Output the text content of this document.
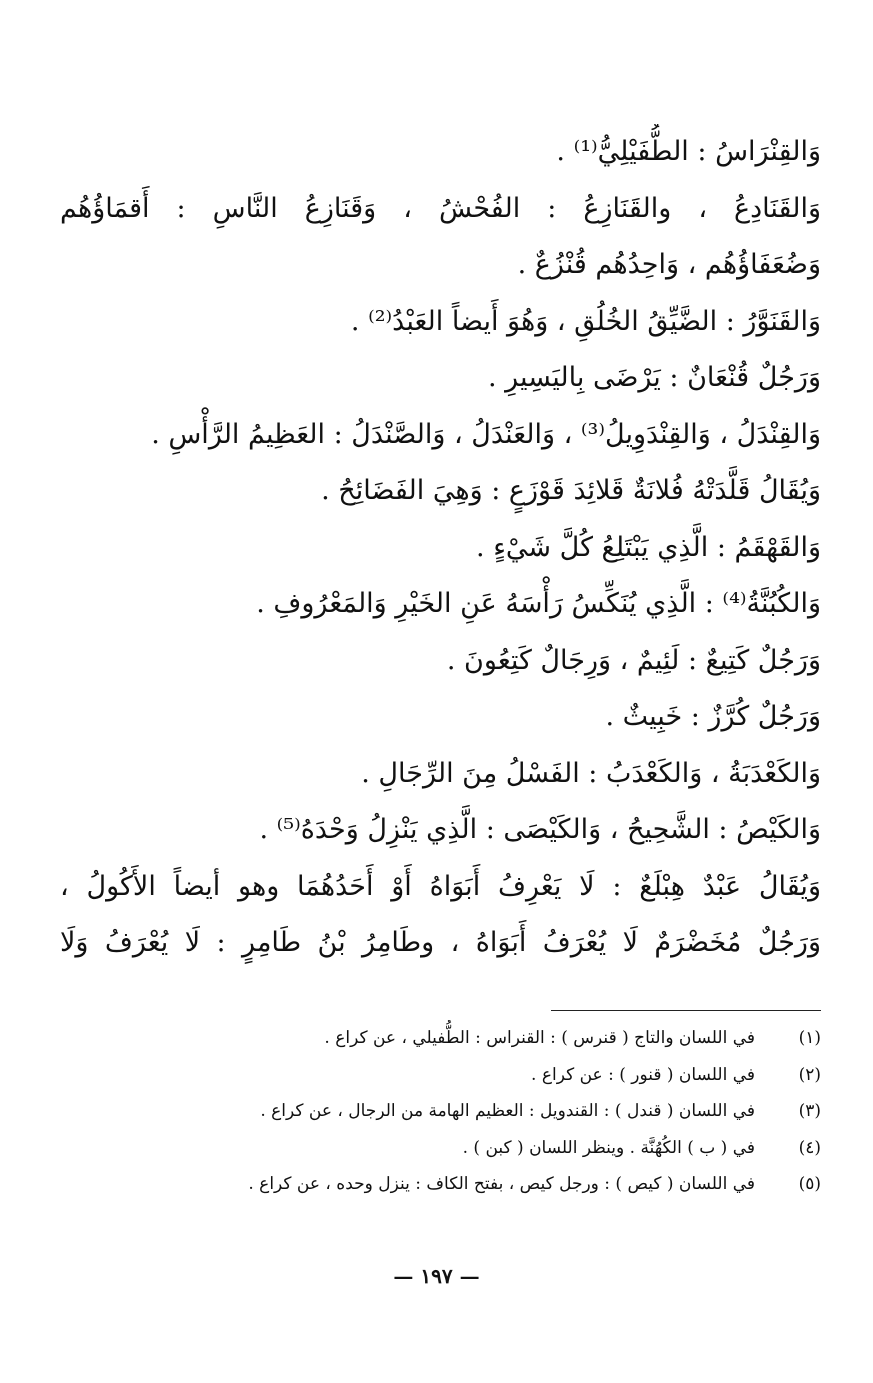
وَالقِنْرَاسُ : الطُّفَيْلِيُّ⁽¹⁾ .
وَالقَنَادِعُ ، والقَنَازِعُ : الفُحْشُ ، وَقَنَازِعُ النَّاسِ : أَقمَاؤُهُم
وَضُعَفَاؤُهُم ، وَاحِدُهُم قُنْزُعٌ .
وَالقَنَوَّرُ : الضَّيِّقُ الخُلُقِ ، وَهُوَ أَيضاً العَبْدُ⁽²⁾ .
وَرَجُلٌ قُنْعَانٌ : يَرْضَى بِاليَسِيرِ .
وَالقِنْدَلُ ، وَالقِنْدَوِيلُ⁽³⁾ ، وَالعَنْدَلُ ، وَالصَّنْدَلُ : العَظِيمُ الرَّأْسِ .
وَيُقَالُ قَلَّدَتْهُ فُلانَةٌ قَلائِدَ قَوْزَعٍ : وَهِيَ الفَضَائِحُ .
وَالقَهْقَمُ : الَّذِي يَبْتَلِعُ كُلَّ شَيْءٍ .
وَالكُبُنَّةُ⁽⁴⁾ : الَّذِي يُنَكِّسُ رَأْسَهُ عَنِ الخَيْرِ وَالمَعْرُوفِ .
وَرَجُلٌ كَتِيعٌ : لَئِيمٌ ، وَرِجَالٌ كَتِعُونَ .
وَرَجُلٌ كُرَّزٌ : خَبِيثٌ .
وَالكَعْدَبَةُ ، وَالكَعْدَبُ : الفَسْلُ مِنَ الرِّجَالِ .
وَالكَيْصُ : الشَّحِيحُ ، وَالكَيْصَى : الَّذِي يَنْزِلُ وَحْدَهُ⁽⁵⁾ .
وَيُقَالُ عَبْدٌ هِبْلَعٌ : لَا يَعْرِفُ أَبَوَاهُ أَوْ أَحَدُهُمَا وهو أيضاً الأَكُولُ ،
وَرَجُلٌ مُخَضْرَمٌ لَا يُعْرَفُ أَبَوَاهُ ، وطَامِرُ بْنُ طَامِرٍ : لَا يُعْرَفُ وَلَا
(١)
في اللسان والتاج ( قنرس ) : القنراس : الطُّفيلي ، عن كراع .
(٢)
في اللسان ( قنور ) : عن كراع .
(٣)
في اللسان ( قندل ) : القندويل : العظيم الهامة من الرجال ، عن كراع .
(٤)
في ( ب ) الكُهُنَّة . وينظر اللسان ( كبن ) .
(٥)
في اللسان ( كيص ) : ورجل كيص ، بفتح الكاف : ينزل وحده ، عن كراع .
— ١٩٧ —
